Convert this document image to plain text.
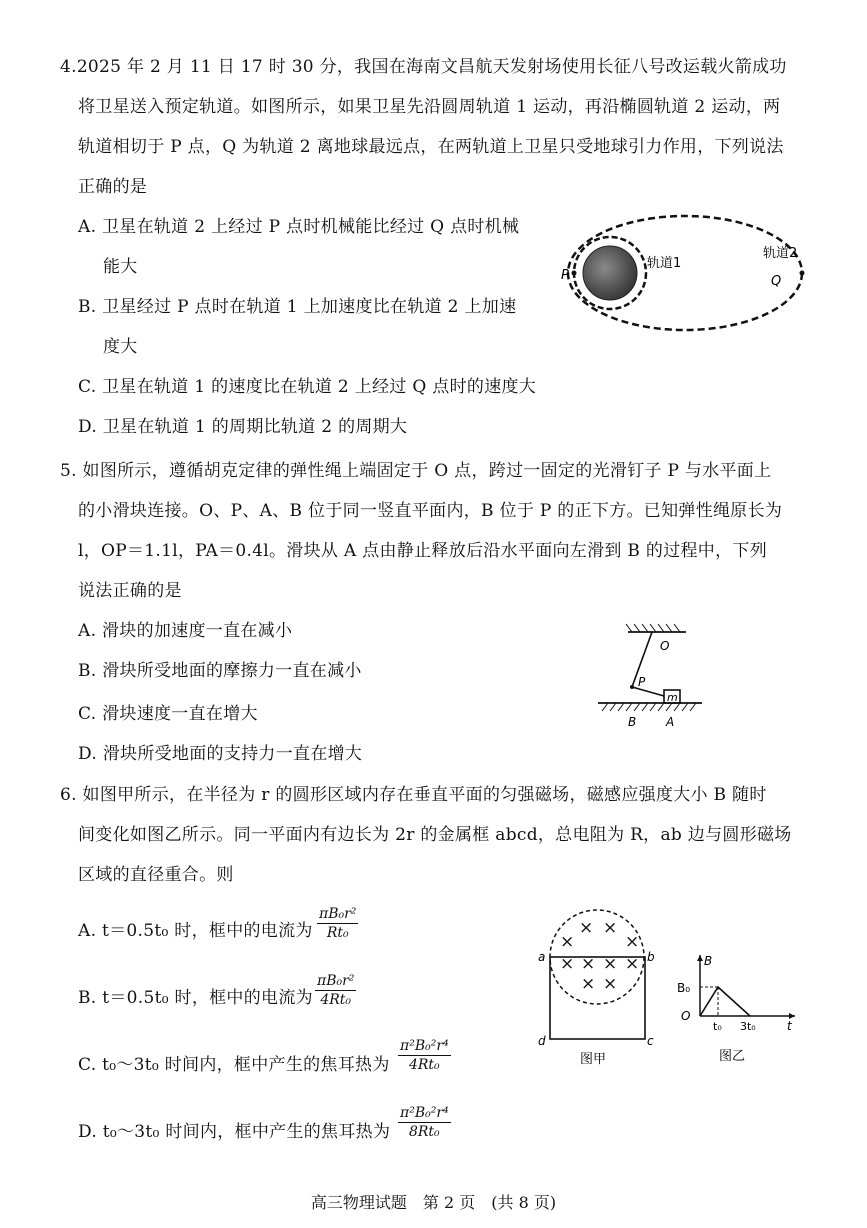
4.2025 年 2 月 11 日 17 时 30 分，我国在海南文昌航天发射场使用长征八号改运载火箭成功
将卫星送入预定轨道。如图所示，如果卫星先沿圆周轨道 1 运动，再沿椭圆轨道 2 运动，两
轨道相切于 P 点，Q 为轨道 2 离地球最远点，在两轨道上卫星只受地球引力作用，下列说法
正确的是
A. 卫星在轨道 2 上经过 P 点时机械能比经过 Q 点时机械
能大
B. 卫星经过 P 点时在轨道 1 上加速度比在轨道 2 上加速
度大
C. 卫星在轨道 1 的速度比在轨道 2 上经过 Q 点时的速度大
D. 卫星在轨道 1 的周期比轨道 2 的周期大
P	Q
轨道1
轨道2
5. 如图所示，遵循胡克定律的弹性绳上端固定于 O 点，跨过一固定的光滑钉子 P 与水平面上
的小滑块连接。O、P、A、B 位于同一竖直平面内，B 位于 P 的正下方。已知弹性绳原长为
l，OP＝1.1l，PA＝0.4l。滑块从 A 点由静止释放后沿水平面向左滑到 B 的过程中，下列
说法正确的是
A. 滑块的加速度一直在减小
B. 滑块所受地面的摩擦力一直在减小
C. 滑块速度一直在增大
D. 滑块所受地面的支持力一直在增大
O
P
m
B A
6. 如图甲所示，在半径为 r 的圆形区域内存在垂直平面的匀强磁场，磁感应强度大小 B 随时
间变化如图乙所示。同一平面内有边长为 2r 的金属框 abcd，总电阻为 R，ab 边与圆形磁场
区域的直径重合。则
A. t＝0.5t₀ 时，框中的电流为 $\frac{\text{πB₀r²}}{\text{Rt₀}}$
B. t＝0.5t₀ 时，框中的电流为 $\frac{\text{πB₀r²}}{\text{4Rt₀}}$
C. t₀～3t₀ 时间内，框中产生的焦耳热为 $\frac{\text{π²B₀²r⁴}}{\text{4Rt₀}}$
D. t₀～3t₀ 时间内，框中产生的焦耳热为 $\frac{\text{π²B₀²r⁴}}{\text{8Rt₀}}$
×
× ×
×
× × × ×
× ×
a	b
d	c
图甲
B
B₀
O
t₀ 3t₀	t
图乙
高三物理试题　第 2 页　(共 8 页)
